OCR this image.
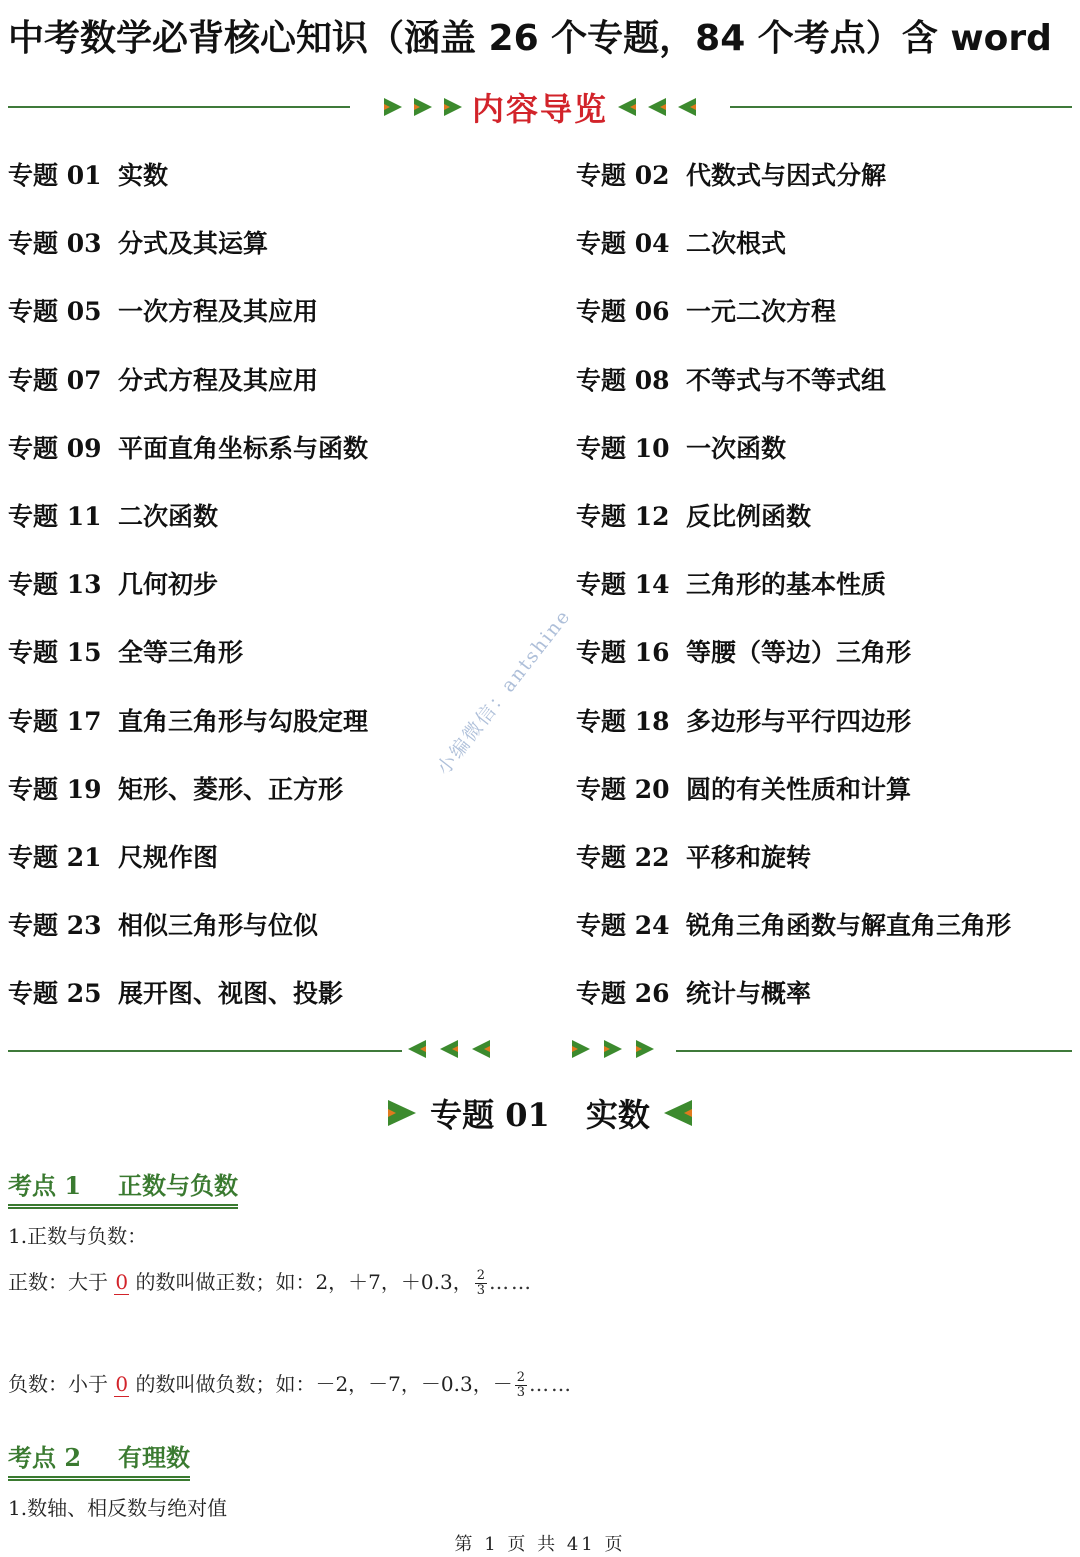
中考数学必背核心知识（涵盖 26 个专题，84 个考点）含 word
内容导览
专题 01 实数	专题 02 代数式与因式分解
专题 03 分式及其运算	专题 04 二次根式
专题 05 一次方程及其应用	专题 06 一元二次方程
专题 07 分式方程及其应用	专题 08 不等式与不等式组
专题 09 平面直角坐标系与函数	专题 10 一次函数
专题 11 二次函数	专题 12 反比例函数
专题 13 几何初步	专题 14 三角形的基本性质
专题 15 全等三角形	专题 16 等腰（等边）三角形
专题 17 直角三角形与勾股定理	专题 18 多边形与平行四边形
专题 19 矩形、菱形、正方形	专题 20 圆的有关性质和计算
专题 21 尺规作图	专题 22 平移和旋转
专题 23 相似三角形与位似	专题 24 锐角三角函数与解直角三角形
专题 25 展开图、视图、投影	专题 26 统计与概率
专题 01 实数
考点 1 正数与负数
1.正数与负数：
正数：大于 0 的数叫做正数；如：2，＋7，＋0.3， $\frac{2}{3}$ ……
负数：小于 0 的数叫做负数；如：－2，－7，－0.3，－ $\frac{2}{3}$ ……
考点 2 有理数
1.数轴、相反数与绝对值
小编微信：antshine
第 1 页 共 41 页
